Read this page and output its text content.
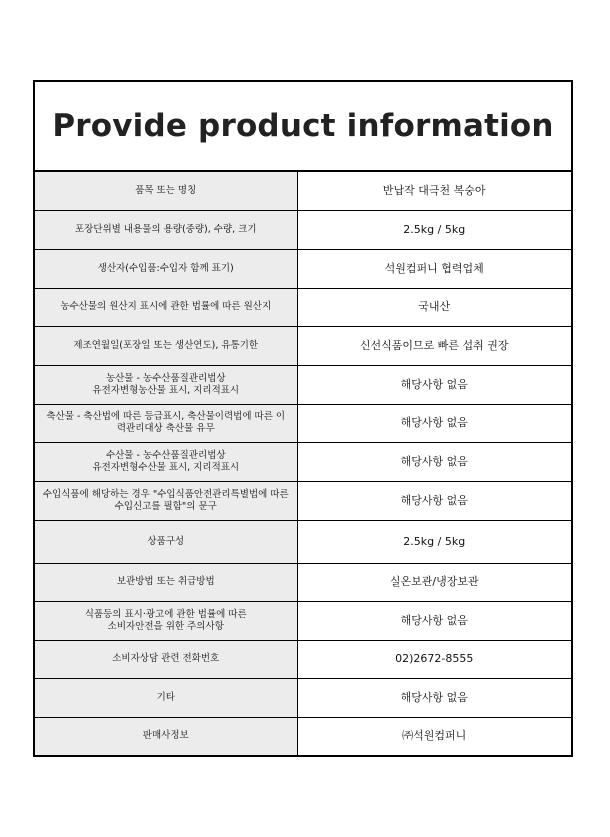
Provide product information
품목 또는 명칭	반납작 대극천 복숭아
포장단위별 내용물의 용량(중량), 수량, 크기	2.5kg / 5kg
생산자(수입품:수입자 함께 표기)	석원컴퍼니 협력업체
농수산물의 원산지 표시에 관한 법률에 따른 원산지	국내산
제조연월일(포장일 또는 생산연도), 유통기한	신선식품이므로 빠른 섭취 권장
농산물 - 농수산품질관리법상
유전자변형농산물 표시, 지리적표시	해당사항 없음
축산물 - 축산법에 따른 등급표시, 축산물이력법에 따른 이
력관리대상 축산물 유무	해당사항 없음
수산물 - 농수산품질관리법상
유전자변형수산물 표시, 지리적표시	해당사항 없음
수입식품에 해당하는 경우 "수입식품안전관리특별법에 따른
수입신고를 필함"의 문구	해당사항 없음
상품구성	2.5kg / 5kg
보관방법 또는 취급방법	실온보관/냉장보관
식품등의 표시·광고에 관한 법률에 따른
소비자안전을 위한 주의사항	해당사항 없음
소비자상담 관련 전화번호	02)2672-8555
기타	해당사항 없음
판매사정보	㈜석원컴퍼니
